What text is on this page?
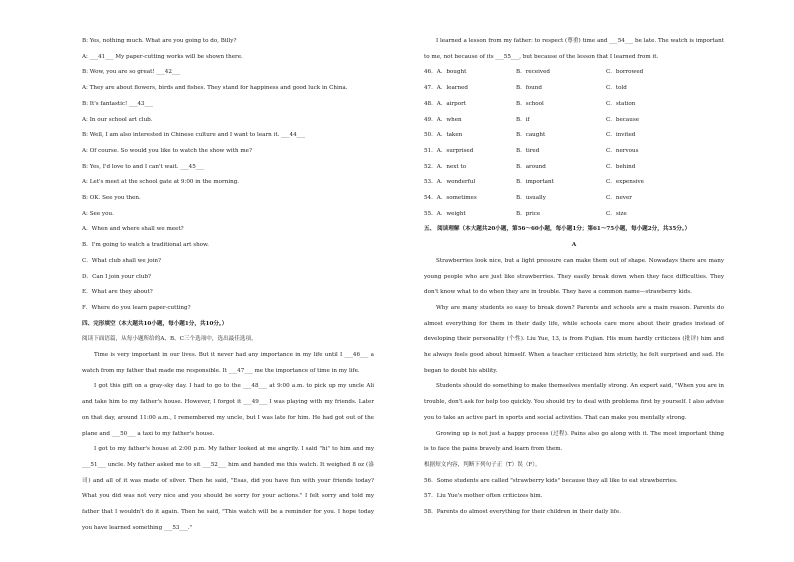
B: Yes, nothing much. What are you going to do, Billy?
A: ___41___ My paper-cutting works will be shown there.
B: Wow, you are so great! ___42___
A: They are about flowers, birds and fishes. They stand for happiness and good luck in China.
B: It's fantastic! ___43___
A: In our school art club.
B: Well, I am also interested in Chinese culture and I want to learn it. ___44___
A: Of course. So would you like to watch the show with me?
B: Yes, I'd love to and I can't wait. ___45___
A: Let's meet at the school gate at 9:00 in the morning.
B: OK. See you then.
A: See you.
A．When and where shall we meet?
B．I'm going to watch a traditional art show.
C．What club shall we join?
D．Can I join your club?
E．What are they about?
F．Where do you learn paper-cutting?
四、完形填空（本大题共10小题，每小题1分，共10分。）
阅读下面语篇，从每小题所给的A、B、C三个选项中，选出最佳选项。
Time is very important in our lives. But it never had any importance in my life until I ___46___ a watch from my father that made me responsible. It ___47___ me the importance of time in my life.
I got this gift on a gray-sky day. I had to go to the ___48___ at 9:00 a.m. to pick up my uncle Ali and take him to my father's house. However, I forgot it ___49___ I was playing with my friends. Later on that day, around 11:00 a.m., I remembered my uncle, but I was late for him. He had got out of the plane and ___50___ a taxi to my father's house.
I got to my father's house at 2:00 p.m. My father looked at me angrily. I said "hi" to him and my ___51___ uncle. My father asked me to sit ___52___ him and handed me this watch. It weighed 8 oz (盎司) and all of it was made of silver. Then he said, "Esas, did you have fun with your friends today? What you did was not very nice and you should be sorry for your actions." I felt sorry and told my father that I wouldn't do it again. Then he said, "This watch will be a reminder for you. I hope today you have learned something ___53___."
I learned a lesson from my father: to respect (尊重) time and ___54___ be late. The watch is important to me, not because of its ___55___, but because of the lesson that I learned from it.
46．A．bought	B．received	C．borrowed
47．A．learned	B．found	C．told
48．A．airport	B．school	C．station
49．A．when	B．if	C．because
50．A．taken	B．caught	C．invited
51．A．surprised	B．tired	C．nervous
52．A．next to	B．around	C．behind
53．A．wonderful	B．important	C．expensive
54．A．sometimes	B．usually	C．never
55．A．weight	B．price	C．size
五、 阅读理解（本大题共20小题，第56～60小题，每小题1分；第61～75小题，每小题2分，共35分。）
A
Strawberries look nice, but a light pressure can make them out of shape. Nowadays there are many young people who are just like strawberries. They easily break down when they face difficulties. They don't know what to do when they are in trouble. They have a common name—strawberry kids.
Why are many students so easy to break down? Parents and schools are a main reason. Parents do almost everything for them in their daily life, while schools care more about their grades instead of developing their personality (个性). Liu Yue, 13, is from Fujian. His mum hardly criticizes (批评) him and he always feels good about himself. When a teacher criticized him strictly, he felt surprised and sad. He began to doubt his ability.
Students should do something to make themselves mentally strong. An expert said, "When you are in trouble, don't ask for help too quickly. You should try to deal with problems first by yourself. I also advise you to take an active part in sports and social activities. That can make you mentally strong.
Growing up is not just a happy process (过程). Pains also go along with it. The most important thing is to face the pains bravely and learn from them.
根据短文内容，判断下列句子正（T）误（F）。
56．Some students are called "strawberry kids" because they all like to eat strawberries.
57．Liu Yue's mother often criticizes him.
58．Parents do almost everything for their children in their daily life.
